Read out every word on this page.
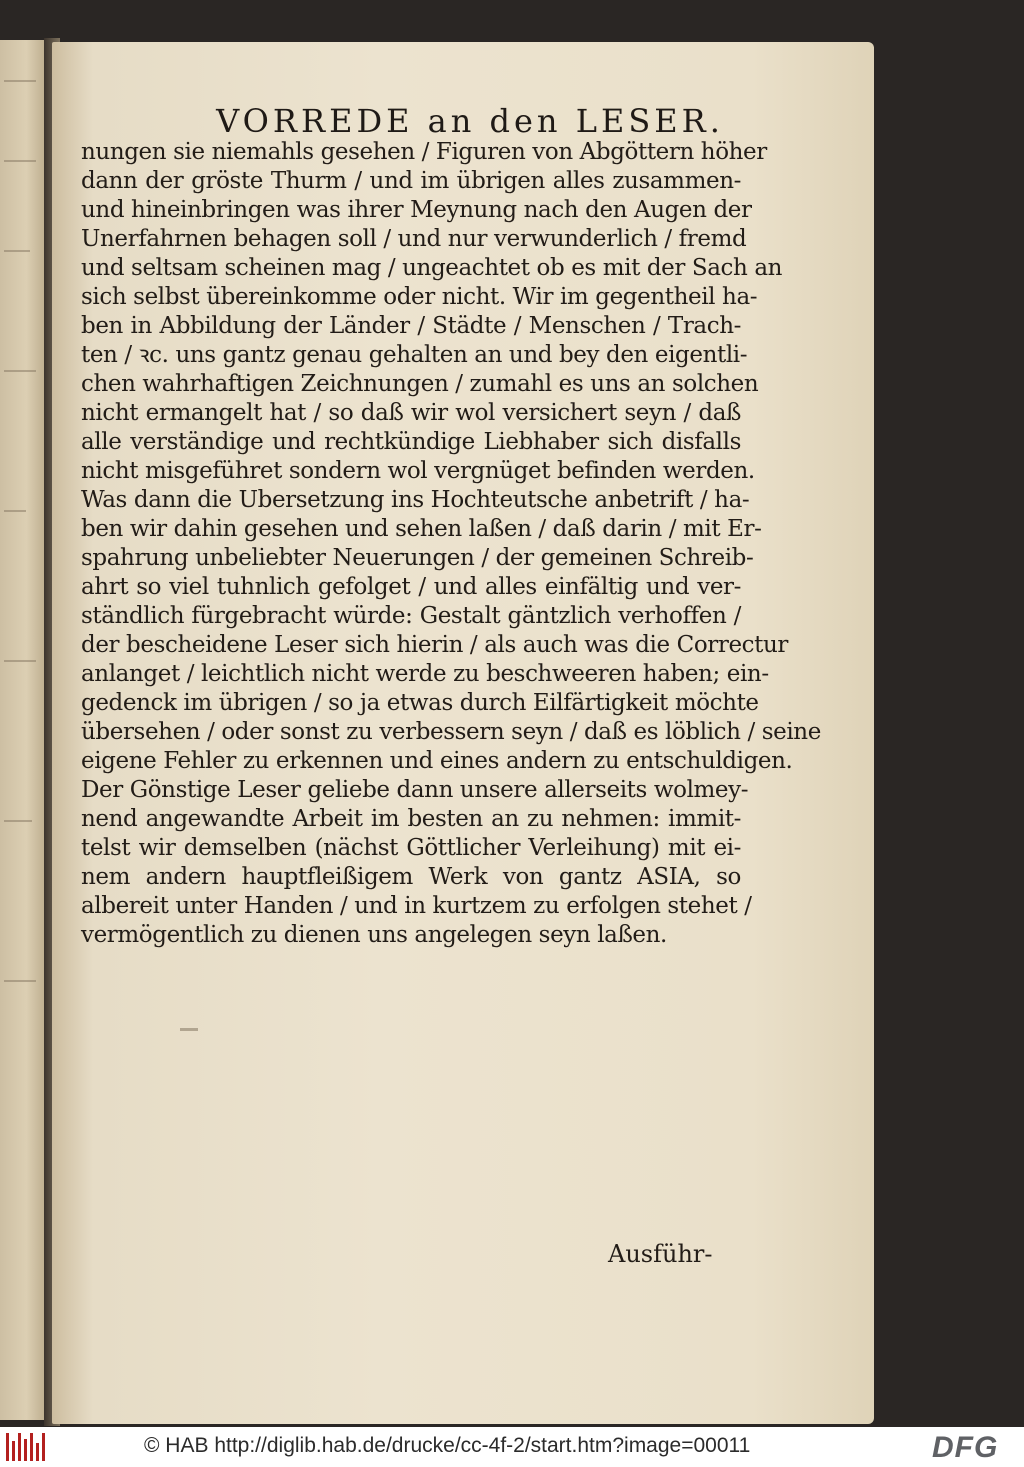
VORREDE an den LESER.
nungen sie niemahls gesehen / Figuren von Abgöttern höher
dann der gröste Thurm / und im übrigen alles zusammen-
und hineinbringen was ihrer Meynung nach den Augen der
Unerfahrnen behagen soll / und nur verwunderlich / fremd
und seltsam scheinen mag / ungeachtet ob es mit der Sach an
sich selbst übereinkomme oder nicht. Wir im gegentheil ha-
ben in Abbildung der Länder / Städte / Menschen / Trach-
ten / ꝛc. uns gantz genau gehalten an und bey den eigentli-
chen wahrhaftigen Zeichnungen / zumahl es uns an solchen
nicht ermangelt hat / so daß wir wol versichert seyn / daß
alle verständige und rechtkündige Liebhaber sich disfalls
nicht misgeführet sondern wol vergnüget befinden werden.
Was dann die Ubersetzung ins Hochteutsche anbetrift / ha-
ben wir dahin gesehen und sehen laßen / daß darin / mit Er-
spahrung unbeliebter Neuerungen / der gemeinen Schreib-
ahrt so viel tuhnlich gefolget / und alles einfältig und ver-
ständlich fürgebracht würde: Gestalt gäntzlich verhoffen /
der bescheidene Leser sich hierin / als auch was die Correctur
anlanget / leichtlich nicht werde zu beschweeren haben; ein-
gedenck im übrigen / so ja etwas durch Eilfärtigkeit möchte
übersehen / oder sonst zu verbessern seyn / daß es löblich / seine
eigene Fehler zu erkennen und eines andern zu entschuldigen.
Der Gönstige Leser geliebe dann unsere allerseits wolmey-
nend angewandte Arbeit im besten an zu nehmen: immit-
telst wir demselben (nächst Göttlicher Verleihung) mit ei-
nem andern hauptfleißigem Werk von gantz ASIA, so
albereit unter Handen / und in kurtzem zu erfolgen stehet /
vermögentlich zu dienen uns angelegen seyn laßen.
Ausführ-
© HAB http://diglib.hab.de/drucke/cc-4f-2/start.htm?image=00011	DFG
